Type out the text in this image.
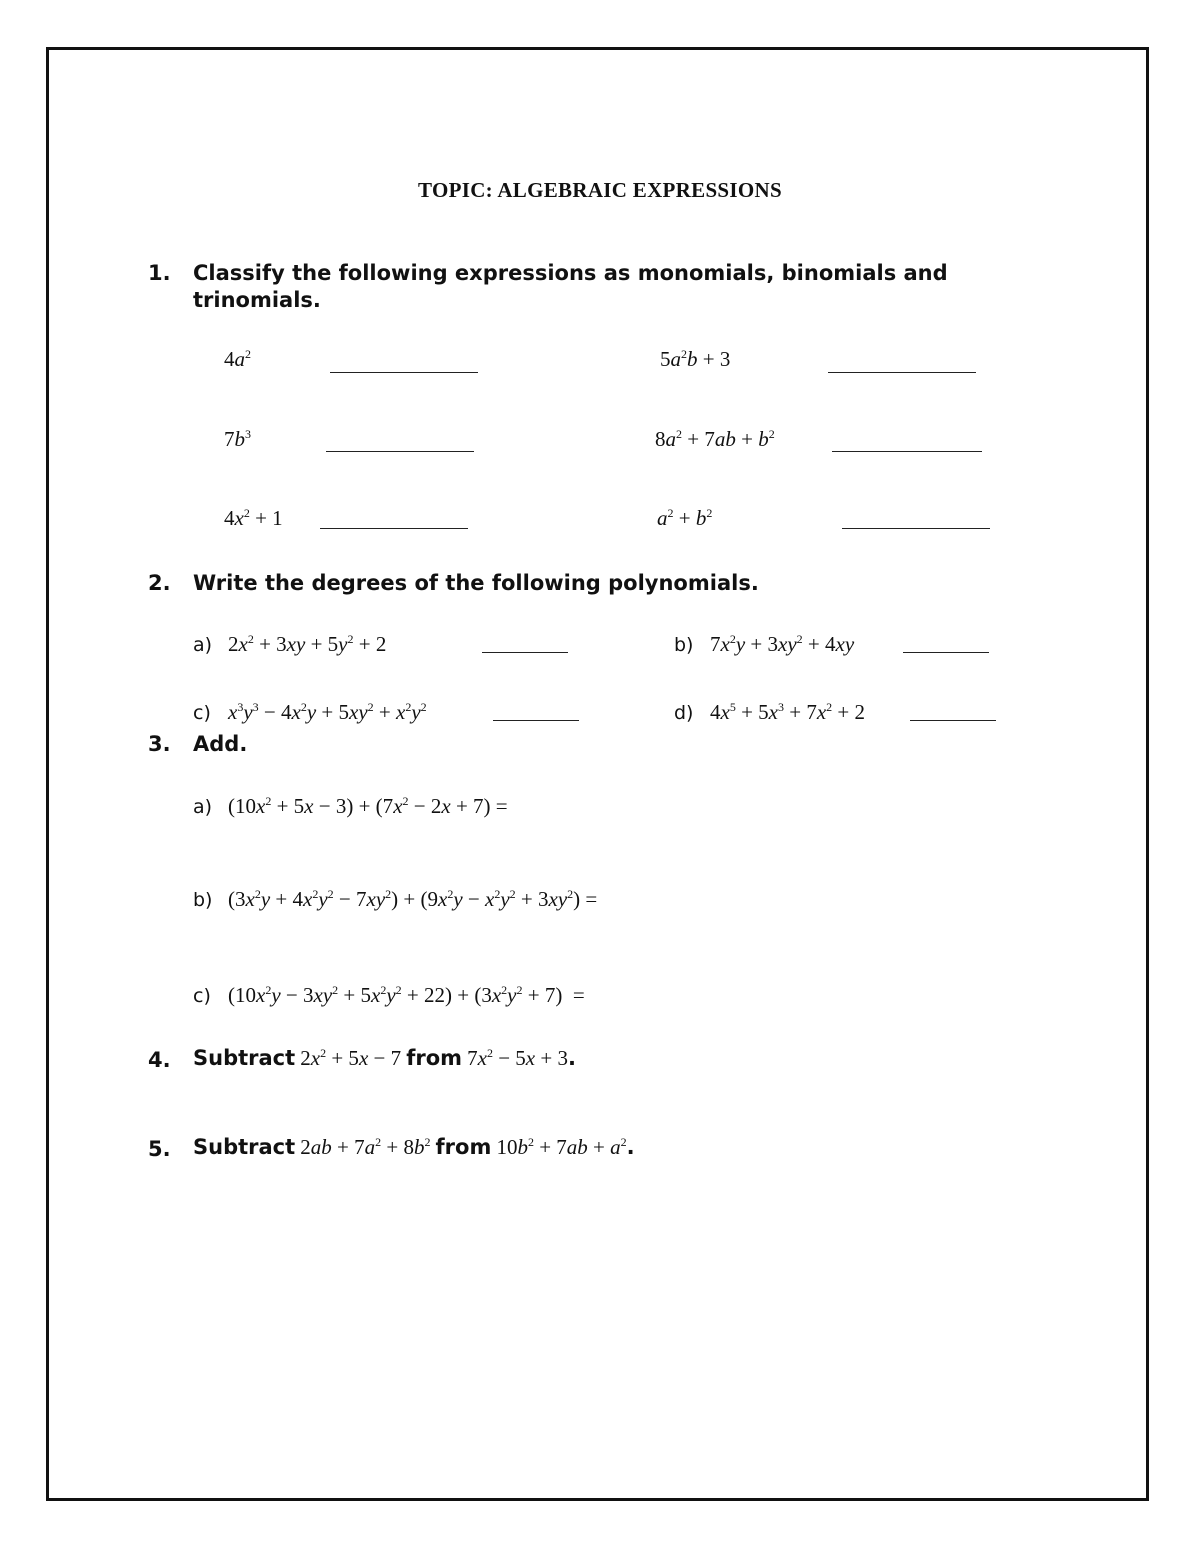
TOPIC: ALGEBRAIC EXPRESSIONS
1. Classify the following expressions as monomials, binomials and
trinomials.
$4a^2$	$5a^2b + 3$
$7b^3$	$8a^2 + 7ab + b^2$
$4x^2 + 1$	$a^2 + b^2$
2. Write the degrees of the following polynomials.
a) $2x^2 + 3xy + 5y^2 + 2$	b) $7x^2y + 3xy^2 + 4xy$
c) $x^3y^3 - 4x^2y + 5xy^2 + x^2y^2$	d) $4x^5 + 5x^3 + 7x^2 + 2$
3. Add.
a) $(10x^2 + 5x - 3) + (7x^2 - 2x + 7)$ =
b) $(3x^2y + 4x^2y^2 - 7xy^2) + (9x^2y - x^2y^2 + 3xy^2)$ =
c) $(10x^2y - 3xy^2 + 5x^2y^2 + 22) + (3x^2y^2 + 7)$  =
4. Subtract $2x^2 + 5x - 7$ from $7x^2 - 5x + 3$.
5. Subtract $2ab + 7a^2 + 8b^2$ from $10b^2 + 7ab + a^2$.
